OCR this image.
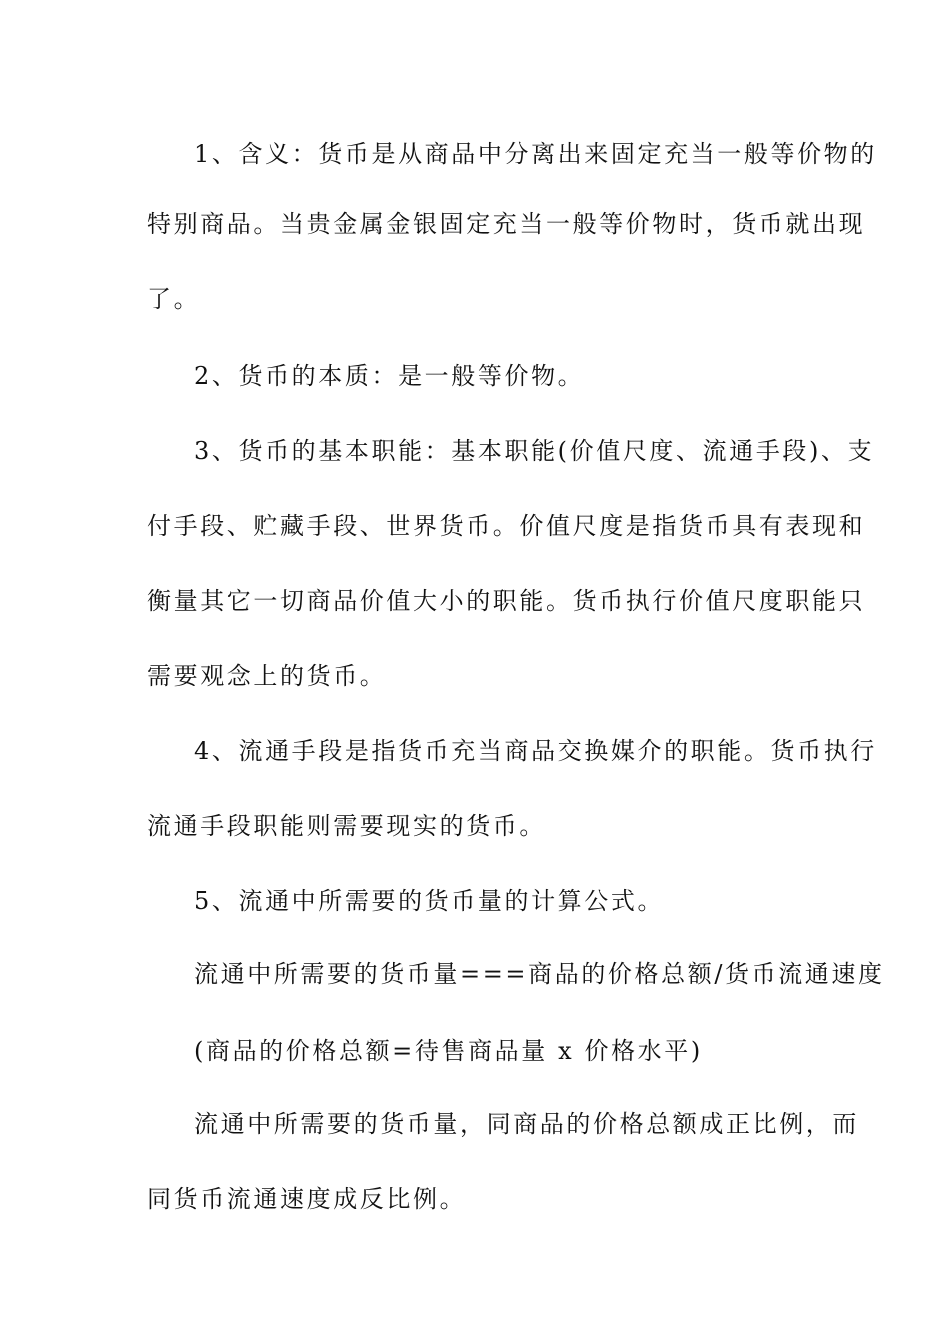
1、含义：货币是从商品中分离出来固定充当一般等价物的
特别商品。当贵金属金银固定充当一般等价物时，货币就出现
了。
2、货币的本质：是一般等价物。
3、货币的基本职能：基本职能(价值尺度、流通手段)、支
付手段、贮藏手段、世界货币。价值尺度是指货币具有表现和
衡量其它一切商品价值大小的职能。货币执行价值尺度职能只
需要观念上的货币。
4、流通手段是指货币充当商品交换媒介的职能。货币执行
流通手段职能则需要现实的货币。
5、流通中所需要的货币量的计算公式。
流通中所需要的货币量===商品的价格总额/货币流通速度
(商品的价格总额=待售商品量 x 价格水平)
流通中所需要的货币量，同商品的价格总额成正比例，而
同货币流通速度成反比例。
